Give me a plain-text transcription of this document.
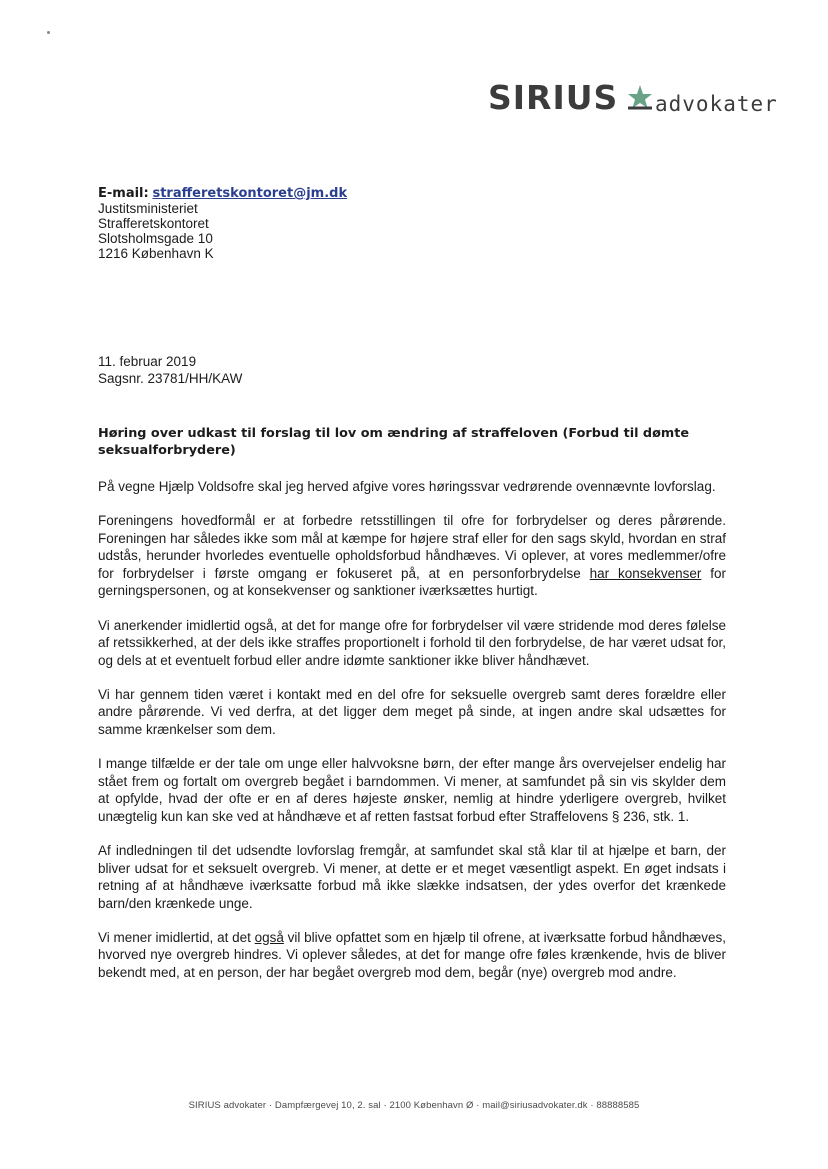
SIRIUS advokater
E-mail: strafferetskontoret@jm.dk
Justitsministeriet
Strafferetskontoret
Slotsholmsgade 10
1216 København K
11. februar 2019
Sagsnr. 23781/HH/KAW
Høring over udkast til forslag til lov om ændring af straffeloven (Forbud til dømte seksualforbrydere)

På vegne Hjælp Voldsofre skal jeg herved afgive vores høringssvar vedrørende ovennævnte lovforslag.

Foreningens hovedformål er at forbedre retsstillingen til ofre for forbrydelser og deres pårørende. Foreningen har således ikke som mål at kæmpe for højere straf eller for den sags skyld, hvordan en straf udstås, herunder hvorledes eventuelle opholdsforbud håndhæves. Vi oplever, at vores medlemmer/ofre for forbrydelser i første omgang er fokuseret på, at en personforbrydelse har konsekvenser for gerningspersonen, og at konsekvenser og sanktioner iværksættes hurtigt.

Vi anerkender imidlertid også, at det for mange ofre for forbrydelser vil være stridende mod deres følelse af retssikkerhed, at der dels ikke straffes proportionelt i forhold til den forbrydelse, de har været udsat for, og dels at et eventuelt forbud eller andre idømte sanktioner ikke bliver håndhævet.

Vi har gennem tiden været i kontakt med en del ofre for seksuelle overgreb samt deres forældre eller andre pårørende. Vi ved derfra, at det ligger dem meget på sinde, at ingen andre skal udsættes for samme krænkelser som dem.

I mange tilfælde er der tale om unge eller halvvoksne børn, der efter mange års overvejelser endelig har stået frem og fortalt om overgreb begået i barndommen. Vi mener, at samfundet på sin vis skylder dem at opfylde, hvad der ofte er en af deres højeste ønsker, nemlig at hindre yderligere overgreb, hvilket unægtelig kun kan ske ved at håndhæve et af retten fastsat forbud efter Straffelovens § 236, stk. 1.

Af indledningen til det udsendte lovforslag fremgår, at samfundet skal stå klar til at hjælpe et barn, der bliver udsat for et seksuelt overgreb. Vi mener, at dette er et meget væsentligt aspekt. En øget indsats i retning af at håndhæve iværksatte forbud må ikke slække indsatsen, der ydes overfor det krænkede barn/den krænkede unge.

Vi mener imidlertid, at det også vil blive opfattet som en hjælp til ofrene, at iværksatte forbud håndhæves, hvorved nye overgreb hindres. Vi oplever således, at det for mange ofre føles krænkende, hvis de bliver bekendt med, at en person, der har begået overgreb mod dem, begår (nye) overgreb mod andre.

SIRIUS advokater · Dampfærgevej 10, 2. sal · 2100 København Ø · mail@siriusadvokater.dk · 88888585
